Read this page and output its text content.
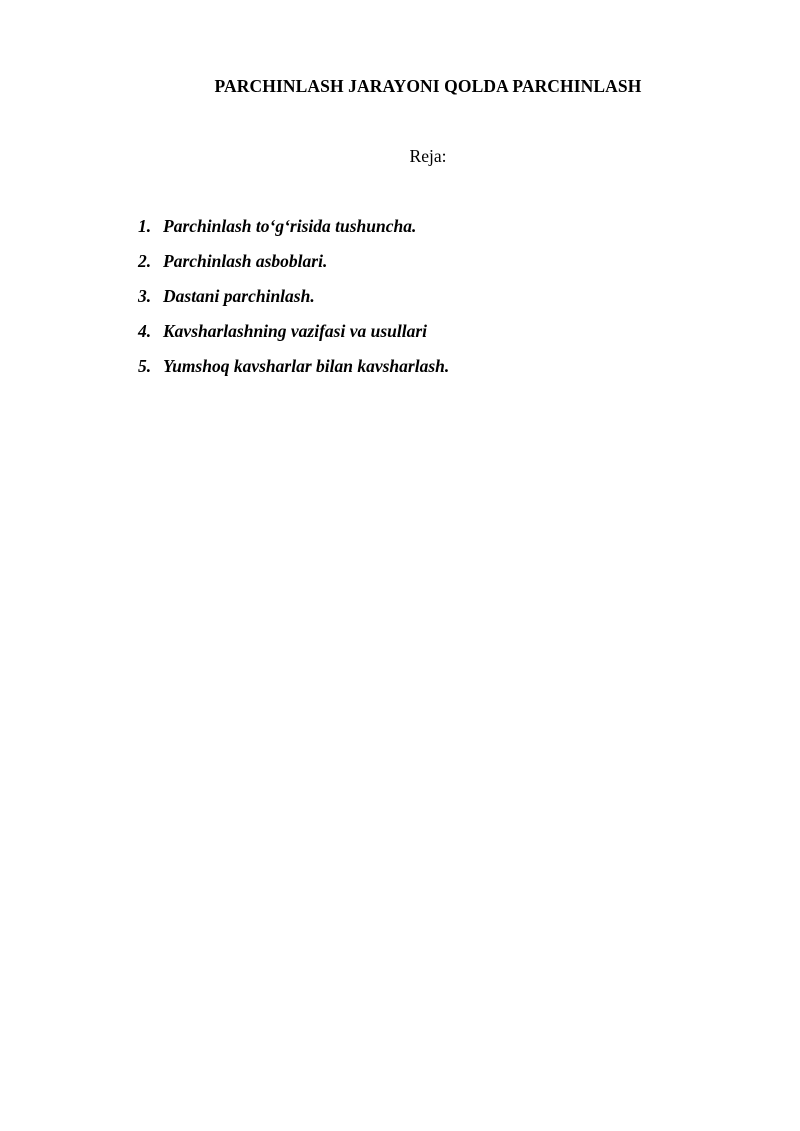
PARCHINLASH JARAYONI QOLDA PARCHINLASH

Reja:

1. Parchinlash to‘g‘risida tushuncha.
2. Parchinlash asboblari.
3. Dastani parchinlash.
4. Kavsharlashning vazifasi va usullari
5. Yumshoq kavsharlar bilan kavsharlash.
